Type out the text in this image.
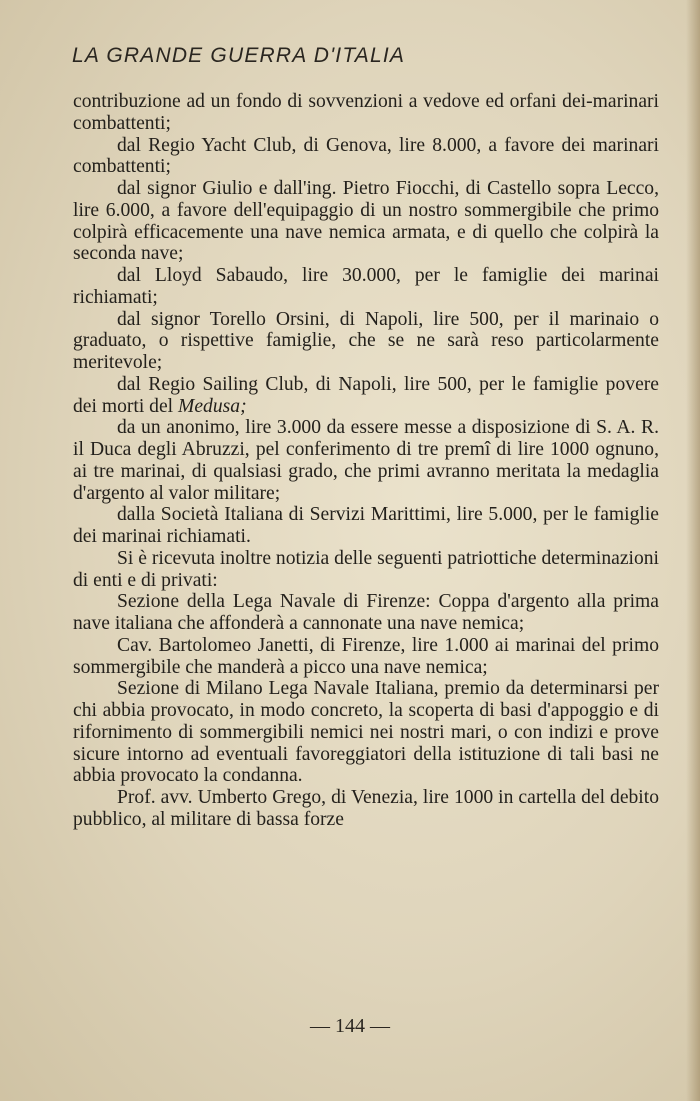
LA GRANDE GUERRA D'ITALIA

contribuzione ad un fondo di sovvenzioni a vedove ed orfani dei-marinari combattenti;

dal Regio Yacht Club, di Genova, lire 8.000, a favore dei marinari combattenti;

dal signor Giulio e dall'ing. Pietro Fiocchi, di Castello sopra Lecco, lire 6.000, a favore dell'equipaggio di un nostro sommergibile che primo colpirà efficacemente una nave nemica armata, e di quello che colpirà la seconda nave;

dal Lloyd Sabaudo, lire 30.000, per le famiglie dei marinai richiamati;

dal signor Torello Orsini, di Napoli, lire 500, per il marinaio o graduato, o rispettive famiglie, che se ne sarà reso particolarmente meritevole;

dal Regio Sailing Club, di Napoli, lire 500, per le famiglie povere dei morti del Medusa;

da un anonimo, lire 3.000 da essere messe a disposizione di S. A. R. il Duca degli Abruzzi, pel conferimento di tre premî di lire 1000 ognuno, ai tre marinai, di qualsiasi grado, che primi avranno meritata la medaglia d'argento al valor militare;

dalla Società Italiana di Servizi Marittimi, lire 5.000, per le famiglie dei marinai richiamati.

Si è ricevuta inoltre notizia delle seguenti patriottiche determinazioni di enti e di privati:

Sezione della Lega Navale di Firenze: Coppa d'argento alla prima nave italiana che affonderà a cannonate una nave nemica;

Cav. Bartolomeo Janetti, di Firenze, lire 1.000 ai marinai del primo sommergibile che manderà a picco una nave nemica;

Sezione di Milano Lega Navale Italiana, premio da determinarsi per chi abbia provocato, in modo concreto, la scoperta di basi d'appoggio e di rifornimento di sommergibili nemici nei nostri mari, o con indizi e prove sicure intorno ad eventuali favoreggiatori della istituzione di tali basi ne abbia provocato la condanna.

Prof. avv. Umberto Grego, di Venezia, lire 1000 in cartella del debito pubblico, al militare di bassa forze

— 144 —
